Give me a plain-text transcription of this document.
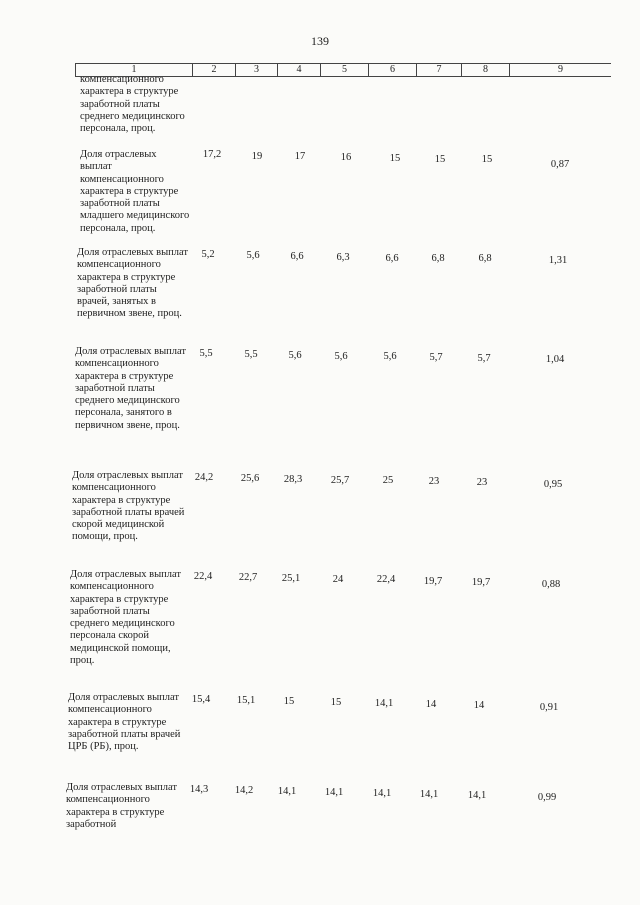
139
1	2	3	4	5	6	7	8	9
компенсационного характера в структуре заработной платы среднего медицинского персонала, проц.
Доля отраслевых выплат компенсационного характера в структуре заработной платы младшего медицинского персонала, проц.
17,2	19	17	16	15	15	15	0,87
Доля отраслевых выплат компенсационного характера в структуре заработной платы врачей, занятых в первичном звене, проц.
5,2	5,6	6,6	6,3	6,6	6,8	6,8	1,31
Доля отраслевых выплат компенсационного характера в структуре заработной платы среднего медицинского персонала, занятого в первичном звене, проц.
5,5	5,5	5,6	5,6	5,6	5,7	5,7	1,04
Доля отраслевых выплат компенсационного характера в структуре заработной платы врачей скорой медицинской помощи, проц.
24,2	25,6	28,3	25,7	25	23	23	0,95
Доля отраслевых выплат компенсационного характера в структуре заработной платы среднего медицинского персонала скорой медицинской помощи, проц.
22,4	22,7	25,1	24	22,4	19,7	19,7	0,88
Доля отраслевых выплат компенсационного характера в структуре заработной платы врачей ЦРБ (РБ), проц.
15,4	15,1	15	15	14,1	14	14	0,91
Доля отраслевых выплат компенсационного характера в структуре заработной
14,3	14,2	14,1	14,1	14,1	14,1	14,1	0,99
